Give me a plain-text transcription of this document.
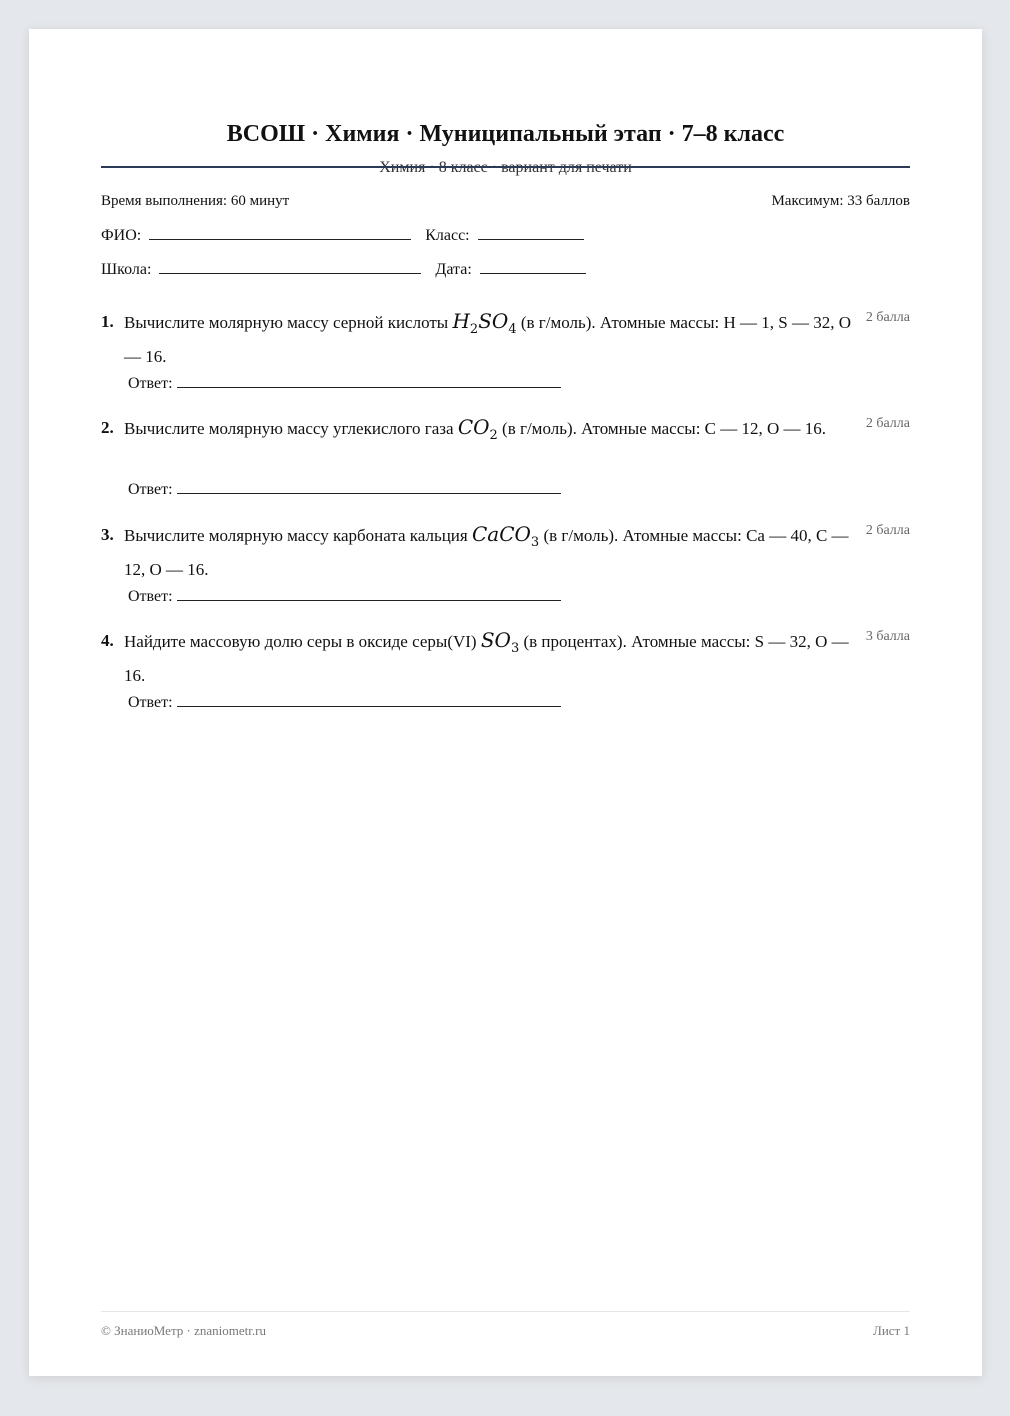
ВСОШ · Химия · Муниципальный этап · 7–8 класс
Химия · 8 класс · вариант для печати
Время выполнения: 60 минут	Максимум: 33 баллов
ФИО:	Класс:
Школа:	Дата:
1. Вычислите молярную массу серной кислоты $H_2SO_4$ (в г/моль). Атомные массы: H — 1, S — 32, O — 16.
2 балла
Ответ:
2. Вычислите молярную массу углекислого газа $CO_2$ (в г/моль). Атомные массы: C — 12, O — 16.	2 балла
Ответ:
3. Вычислите молярную массу карбоната кальция CaCO$_3$ (в г/моль). Атомные массы: Ca — 40, C — 12, O — 16.
2 балла
Ответ:
4. Найдите массовую долю серы в оксиде серы(VI) $SO_3$ (в процентах). Атомные массы: S — 32, O — 16.
3 балла
Ответ:
© ЗнаниоМетр · znaniometr.ru	Лист 1
